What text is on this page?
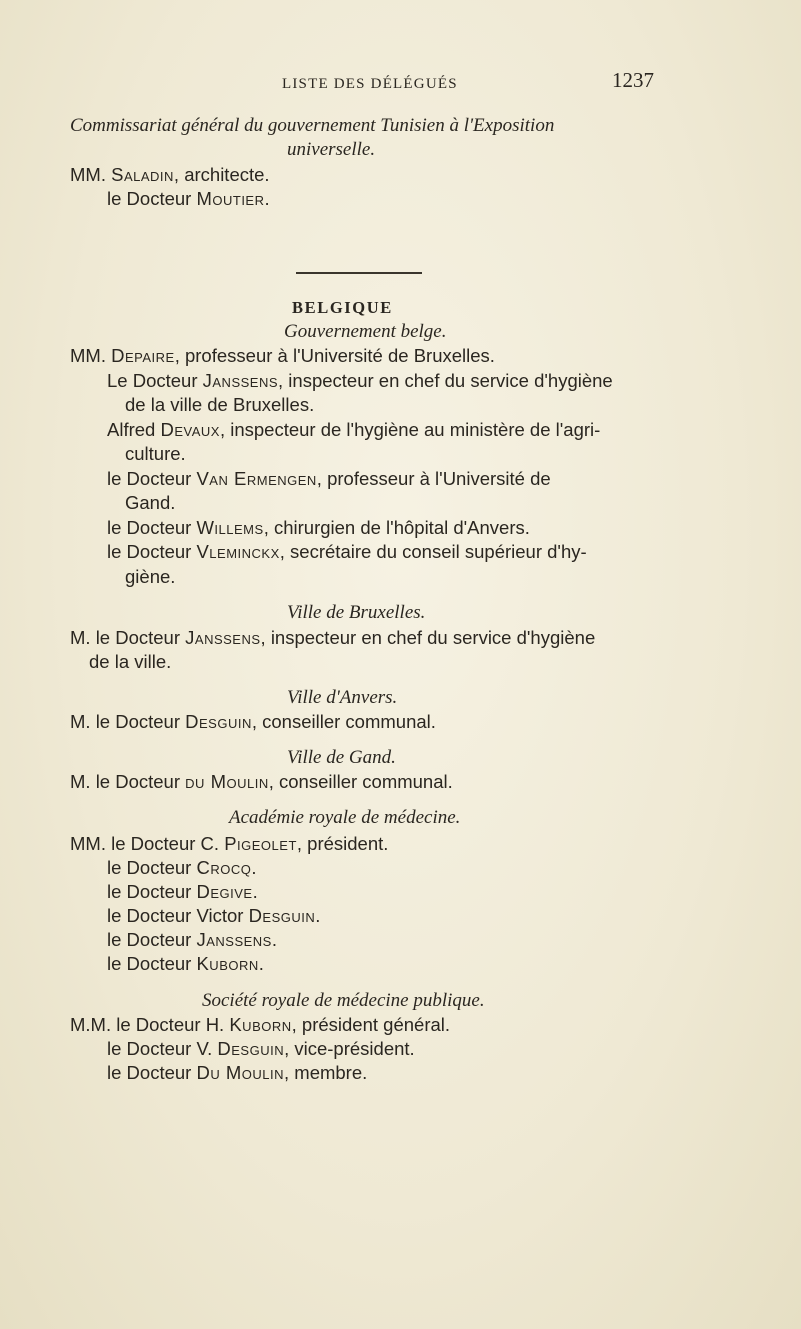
LISTE DES DÉLÉGUÉS	1237
Commissariat général du gouvernement Tunisien à l'Exposition
universelle.
MM. Saladin, architecte.
le Docteur Moutier.
BELGIQUE
Gouvernement belge.
MM. Depaire, professeur à l'Université de Bruxelles.
Le Docteur Janssens, inspecteur en chef du service d'hygiène
de la ville de Bruxelles.
Alfred Devaux, inspecteur de l'hygiène au ministère de l'agri-
culture.
le Docteur Van Ermengen, professeur à l'Université de
Gand.
le Docteur Willems, chirurgien de l'hôpital d'Anvers.
le Docteur Vleminckx, secrétaire du conseil supérieur d'hy-
giène.
Ville de Bruxelles.
M. le Docteur Janssens, inspecteur en chef du service d'hygiène
de la ville.
Ville d'Anvers.
M. le Docteur Desguin, conseiller communal.
Ville de Gand.
M. le Docteur du Moulin, conseiller communal.
Académie royale de médecine.
MM. le Docteur C. Pigeolet, président.
le Docteur Crocq.
le Docteur Degive.
le Docteur Victor Desguin.
le Docteur Janssens.
le Docteur Kuborn.
Société royale de médecine publique.
M.M. le Docteur H. Kuborn, président général.
le Docteur V. Desguin, vice-président.
le Docteur Du Moulin, membre.
